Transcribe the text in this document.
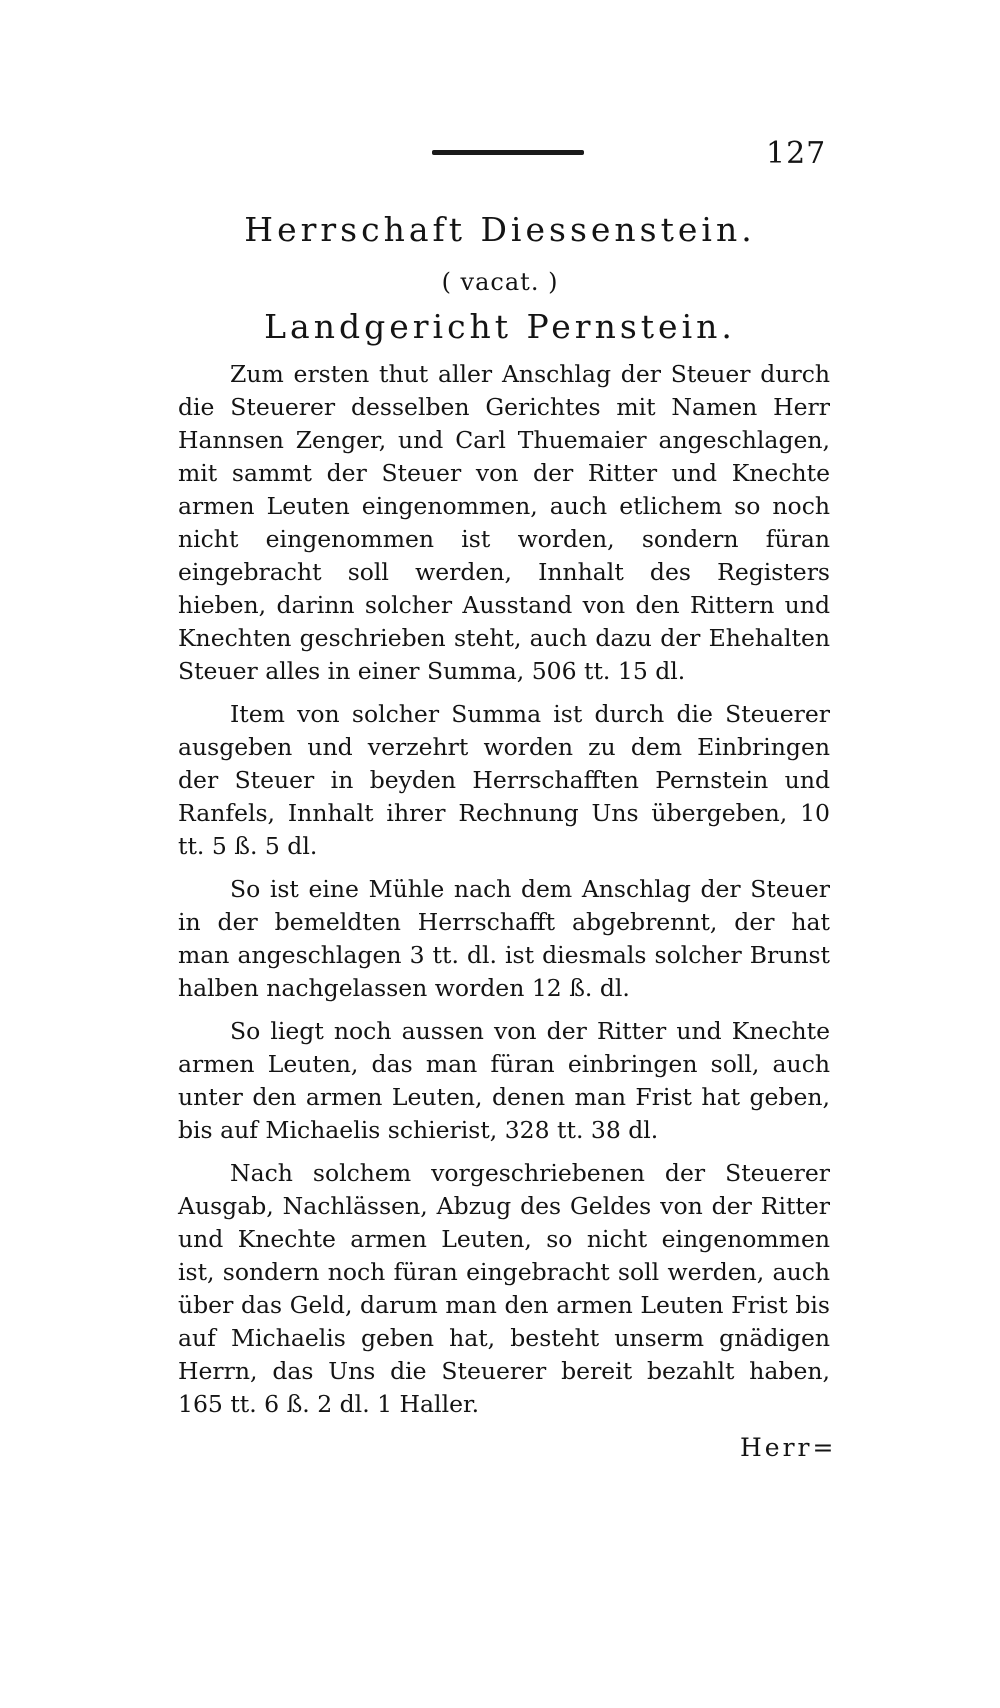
127
Herrschaft Diessenstein.
( vacat. )
Landgericht Pernstein.

Zum ersten thut aller Anschlag der Steuer durch die Steuerer desselben Gerichtes mit Namen Herr Hannsen Zenger, und Carl Thuemaier angeschlagen, mit sammt der Steuer von der Ritter und Knechte armen Leuten eingenommen, auch etlichem so noch nicht eingenommen ist worden, sondern füran eingebracht soll werden, Innhalt des Registers hieben, darinn solcher Ausstand von den Rittern und Knechten geschrieben steht, auch dazu der Ehehalten Steuer alles in einer Summa, 506 tt. 15 dl.

Item von solcher Summa ist durch die Steuerer ausgeben und verzehrt worden zu dem Einbringen der Steuer in beyden Herrschafften Pernstein und Ranfels, Innhalt ihrer Rechnung Uns übergeben, 10 tt. 5 ß. 5 dl.

So ist eine Mühle nach dem Anschlag der Steuer in der bemeldten Herrschafft abgebrennt, der hat man angeschlagen 3 tt. dl. ist diesmals solcher Brunst halben nachgelassen worden 12 ß. dl.

So liegt noch aussen von der Ritter und Knechte armen Leuten, das man füran einbringen soll, auch unter den armen Leuten, denen man Frist hat geben, bis auf Michaelis schierist, 328 tt. 38 dl.

Nach solchem vorgeschriebenen der Steuerer Ausgab, Nachlässen, Abzug des Geldes von der Ritter und Knechte armen Leuten, so nicht eingenommen ist, sondern noch füran eingebracht soll werden, auch über das Geld, darum man den armen Leuten Frist bis auf Michaelis geben hat, besteht unserm gnädigen Herrn, das Uns die Steuerer bereit bezahlt haben, 165 tt. 6 ß. 2 dl. 1 Haller.

Herr=
